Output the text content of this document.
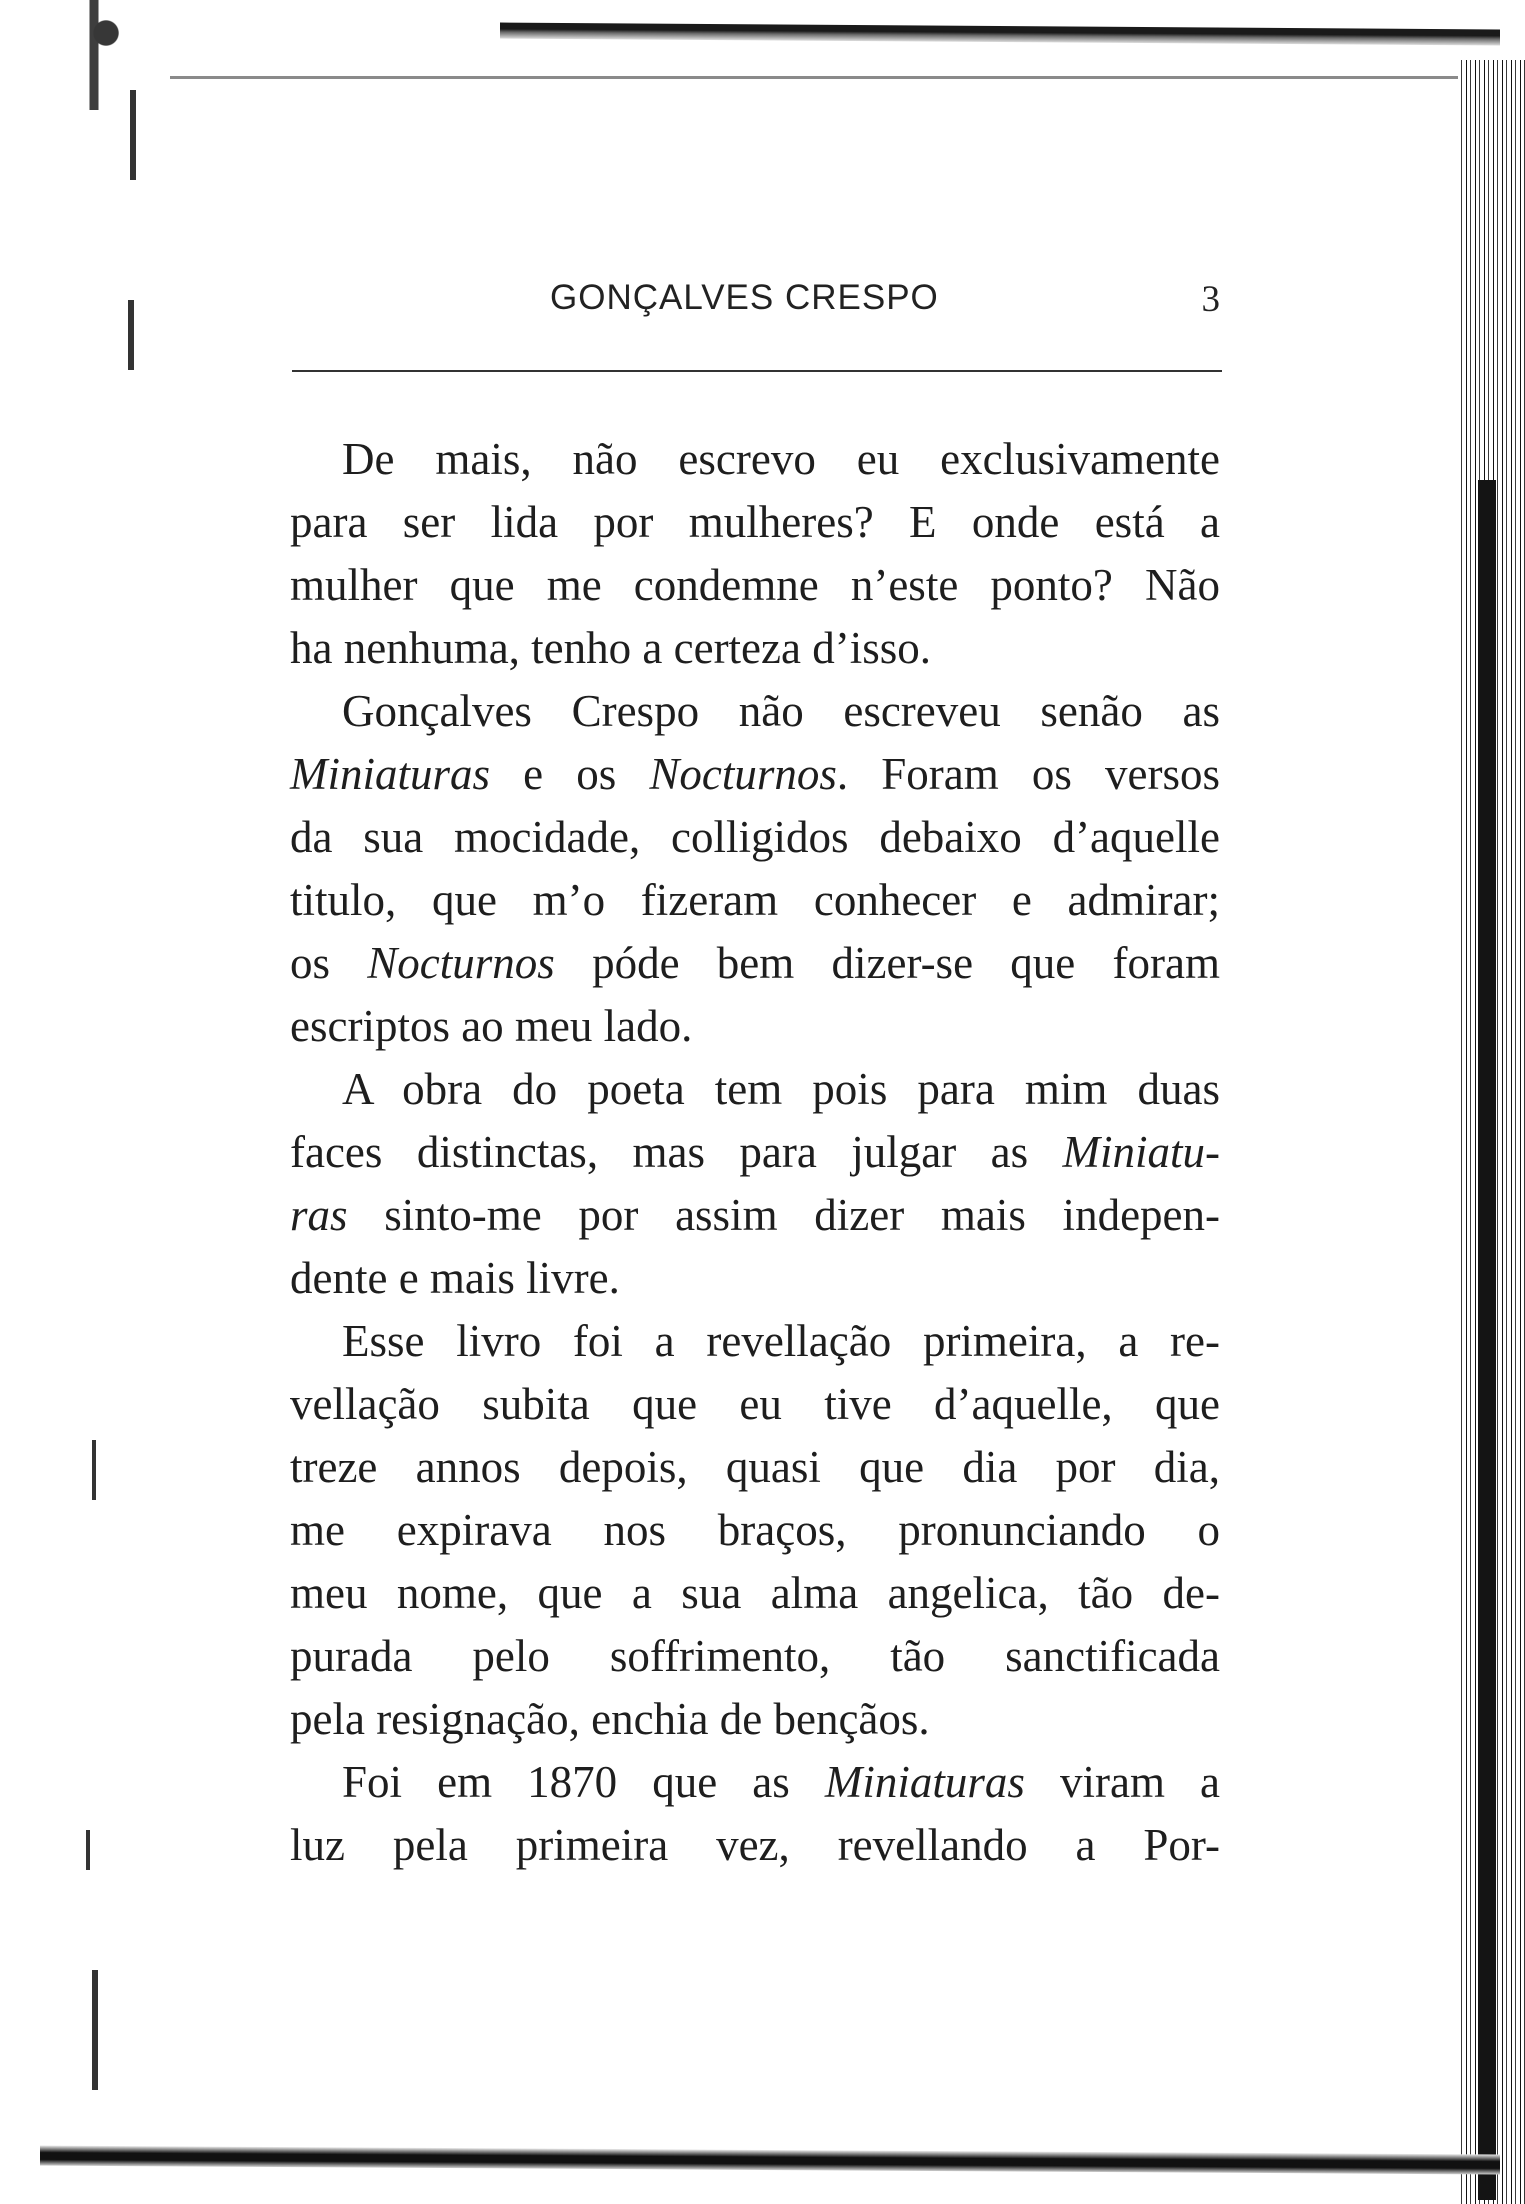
GONÇALVES CRESPO	3
De mais, não escrevo eu exclusivamente
para ser lida por mulheres? E onde está a
mulher que me condemne n’este ponto? Não
ha nenhuma, tenho a certeza d’isso.
Gonçalves Crespo não escreveu senão as
Miniaturas e os Nocturnos. Foram os versos
da sua mocidade, colligidos debaixo d’aquelle
titulo, que m’o fizeram conhecer e admirar;
os Nocturnos póde bem dizer-se que foram
escriptos ao meu lado.
A obra do poeta tem pois para mim duas
faces distinctas, mas para julgar as Miniatu-
ras sinto-me por assim dizer mais indepen-
dente e mais livre.
Esse livro foi a revellação primeira, a re-
vellação subita que eu tive d’aquelle, que
treze annos depois, quasi que dia por dia,
me expirava nos braços, pronunciando o
meu nome, que a sua alma angelica, tão de-
purada pelo soffrimento, tão sanctificada
pela resignação, enchia de bençãos.
Foi em 1870 que as Miniaturas viram a
luz pela primeira vez, revellando a Por-
